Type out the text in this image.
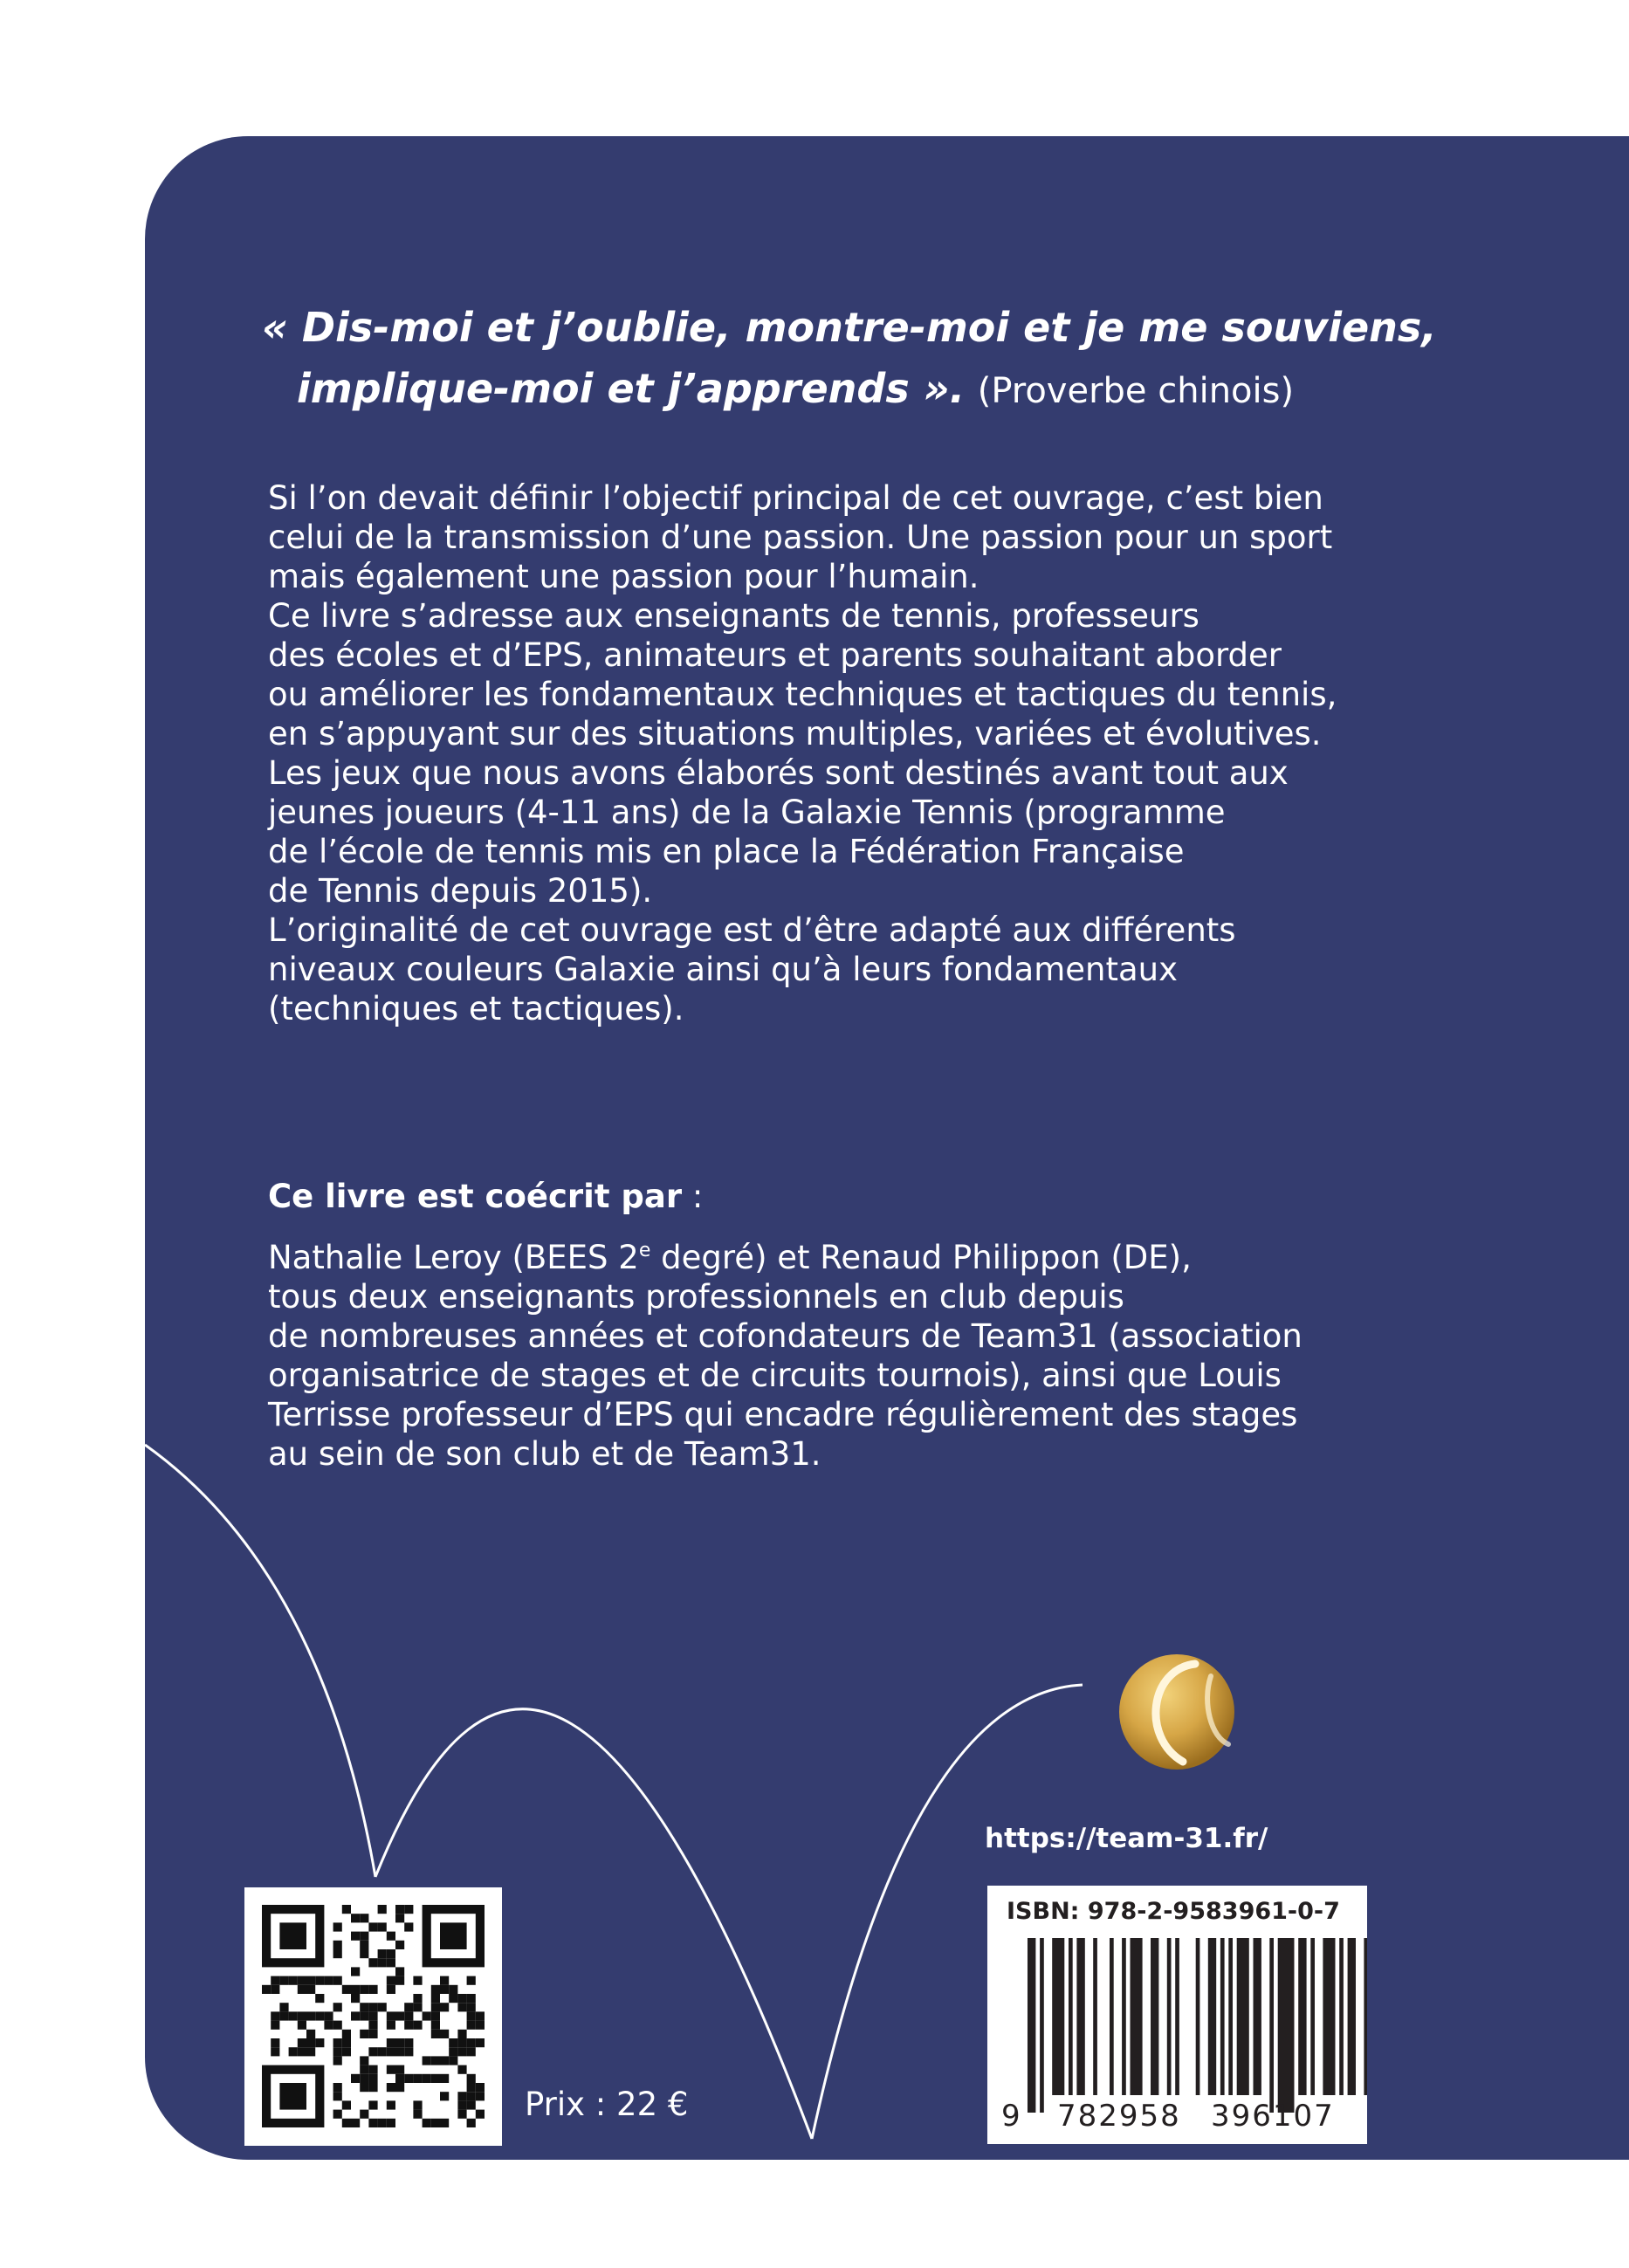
« Dis-moi et j’oublie, montre-moi et je me souviens,

implique-moi et j’apprends ». (Proverbe chinois)

Si l’on devait définir l’objectif principal de cet ouvrage, c’est bien
celui de la transmission d’une passion. Une passion pour un sport
mais également une passion pour l’humain.
Ce livre s’adresse aux enseignants de tennis, professeurs
des écoles et d’EPS, animateurs et parents souhaitant aborder
ou améliorer les fondamentaux techniques et tactiques du tennis,
en s’appuyant sur des situations multiples, variées et évolutives.
Les jeux que nous avons élaborés sont destinés avant tout aux
jeunes joueurs (4-11 ans) de la Galaxie Tennis (programme
de l’école de tennis mis en place la Fédération Française
de Tennis depuis 2015).
L’originalité de cet ouvrage est d’être adapté aux différents
niveaux couleurs Galaxie ainsi qu’à leurs fondamentaux
(techniques et tactiques).
Ce livre est coécrit par :
Nathalie Leroy (BEES 2e degré) et Renaud Philippon (DE),
tous deux enseignants professionnels en club depuis
de nombreuses années et cofondateurs de Team31 (association
organisatrice de stages et de circuits tournois), ainsi que Louis
Terrisse professeur d’EPS qui encadre régulièrement des stages
au sein de son club et de Team31.
https://team-31.fr/
Prix : 22 €
ISBN: 978-2-9583961-0-7
9 782958 396107
